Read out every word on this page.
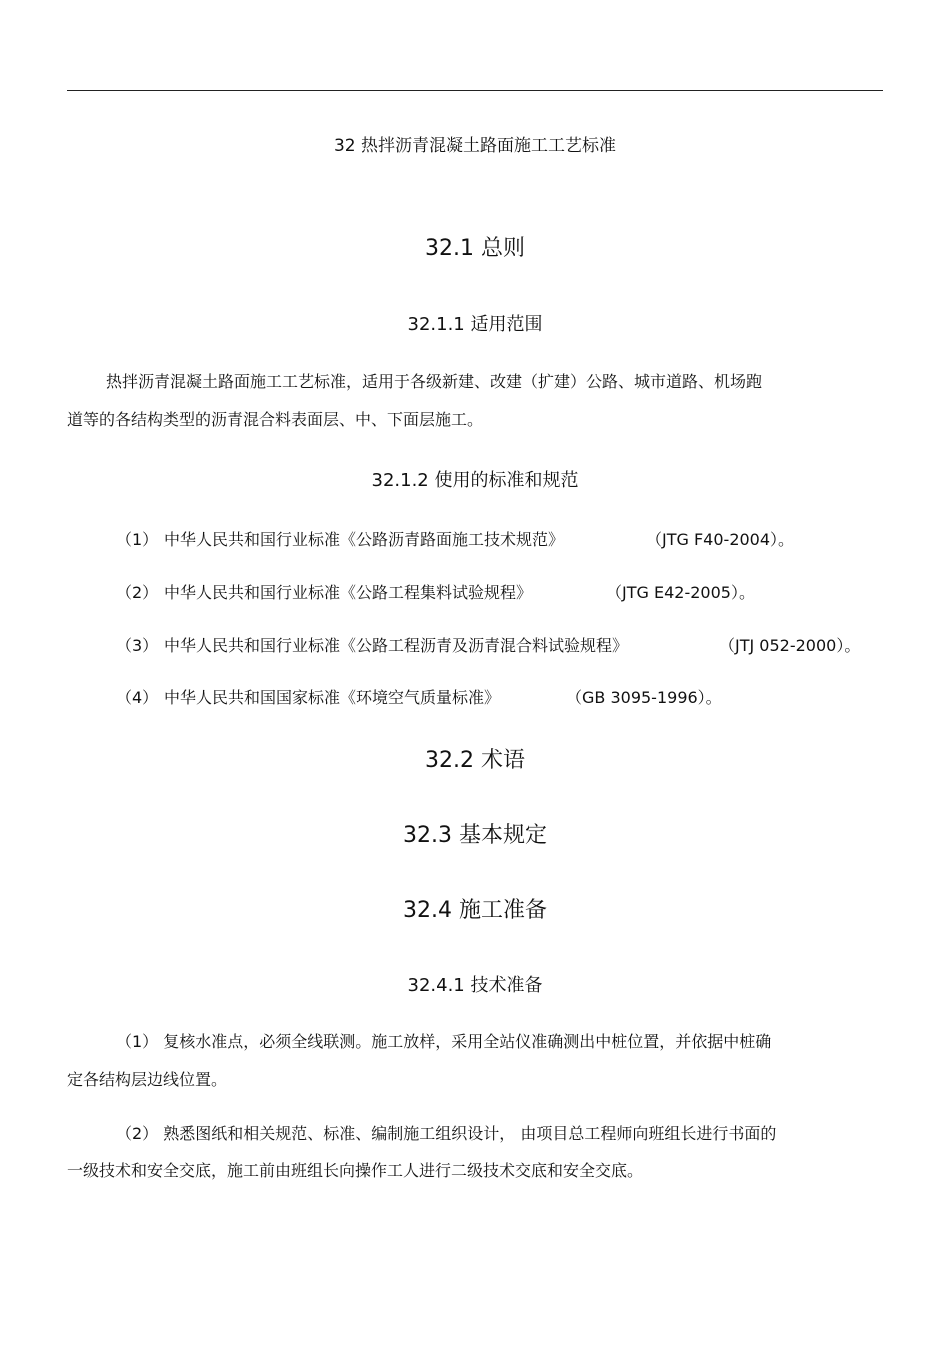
32 热拌沥青混凝土路面施工工艺标准
32.1 总则
32.1.1 适用范围
热拌沥青混凝土路面施工工艺标准，适用于各级新建、改建（扩建）公路、城市道路、机场跑
道等的各结构类型的沥青混合料表面层、中、下面层施工。
32.1.2 使用的标准和规范
（1） 中华人民共和国行业标准《公路沥青路面施工技术规范》	（JTG F40-2004）。
（2） 中华人民共和国行业标准《公路工程集料试验规程》	（JTG E42-2005）。
（3） 中华人民共和国行业标准《公路工程沥青及沥青混合料试验规程》	（JTJ 052-2000）。
（4） 中华人民共和国国家标准《环境空气质量标准》	（GB 3095-1996）。
32.2 术语
32.3 基本规定
32.4 施工准备
32.4.1 技术准备
（1） 复核水准点，必须全线联测。施工放样，采用全站仪准确测出中桩位置，并依据中桩确
定各结构层边线位置。
（2） 熟悉图纸和相关规范、标准、编制施工组织设计， 由项目总工程师向班组长进行书面的
一级技术和安全交底，施工前由班组长向操作工人进行二级技术交底和安全交底。
